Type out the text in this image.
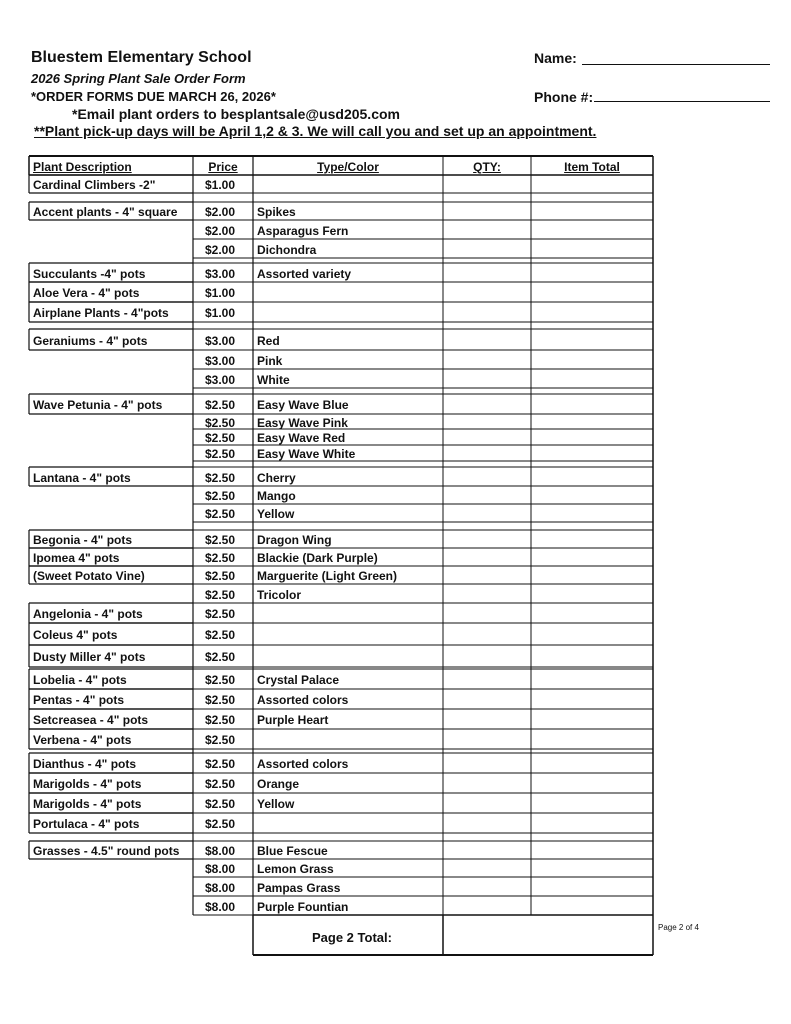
Bluestem Elementary School
2026 Spring Plant Sale Order Form
*ORDER FORMS DUE MARCH 26, 2026*
*Email plant orders to besplantsale@usd205.com
**Plant pick-up days will be April 1,2 & 3. We will call you and set up an appointment.
Name:
Phone #:
Plant Description	Price	Type/Color	QTY:	Item Total
Cardinal Climbers -2"	$1.00
Accent plants - 4" square $2.00 Spikes
$2.00 Asparagus Fern
$2.00 Dichondra
Succulants -4" pots	$3.00 Assorted variety
Aloe Vera - 4" pots	$1.00
Airplane Plants - 4"pots	$1.00
Geraniums - 4" pots	$3.00 Red
$3.00 Pink
$3.00 White
Wave Petunia - 4" pots	$2.50 Easy Wave Blue
$2.50 Easy Wave Pink
$2.50 Easy Wave Red
$2.50 Easy Wave White
Lantana - 4" pots	$2.50 Cherry
$2.50 Mango
$2.50 Yellow
Begonia - 4" pots	$2.50 Dragon Wing
Ipomea 4" pots	$2.50 Blackie (Dark Purple)
(Sweet Potato Vine)	$2.50 Marguerite (Light Green)
$2.50 Tricolor
Angelonia - 4" pots	$2.50
Coleus 4" pots	$2.50
Dusty Miller 4" pots	$2.50
Lobelia - 4" pots	$2.50 Crystal Palace
Pentas - 4" pots	$2.50 Assorted colors
Setcreasea - 4" pots	$2.50 Purple Heart
Verbena - 4" pots	$2.50
Dianthus - 4" pots	$2.50 Assorted colors
Marigolds - 4" pots	$2.50 Orange
Marigolds - 4" pots	$2.50 Yellow
Portulaca - 4" pots	$2.50
Grasses - 4.5" round pots $8.00 Blue Fescue
$8.00 Lemon Grass
$8.00 Pampas Grass
$8.00 Purple Fountian
Page 2 Total:
Page 2 of 4
